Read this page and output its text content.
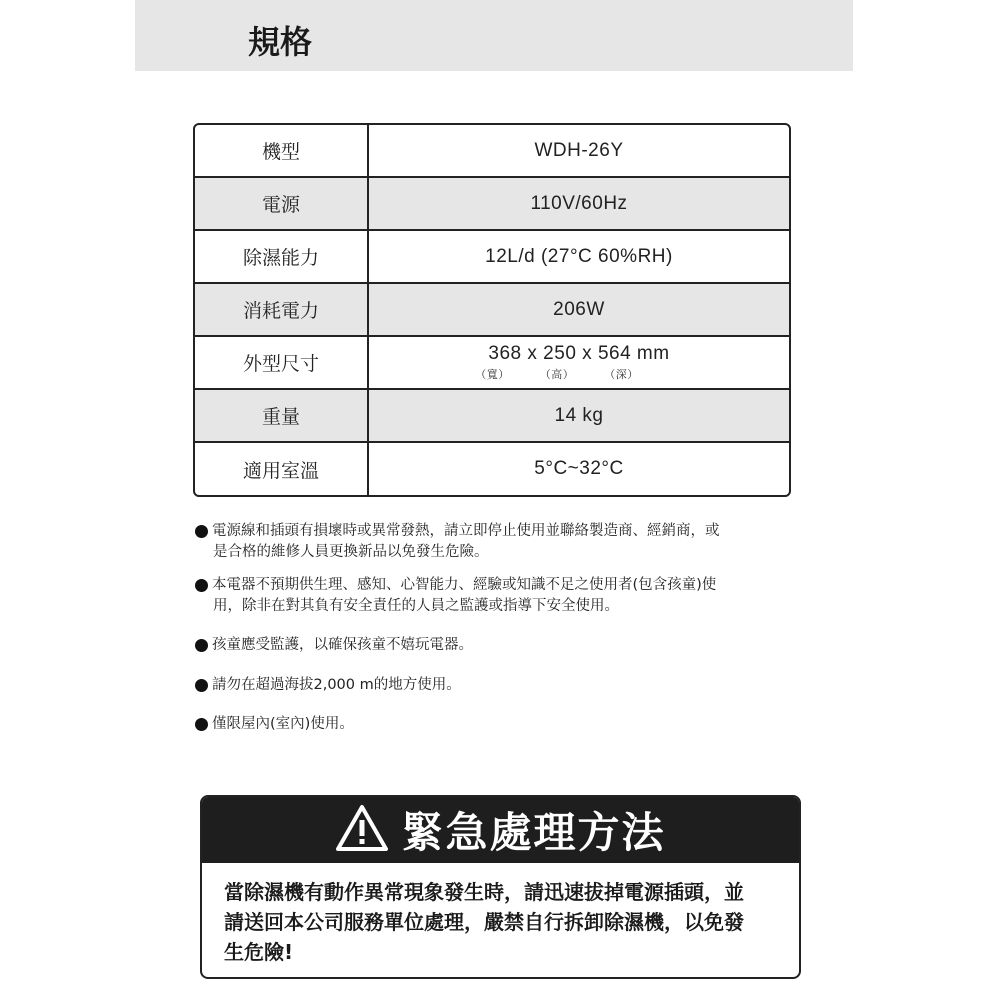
規格
機型	WDH-26Y
電源	110V/60Hz
除濕能力	12L/d (27°C 60%RH)
消耗電力	206W
外型尺寸	368 x 250 x 564 mm
（寬）	（高）	（深）
重量	14 kg
適用室溫	5°C~32°C
電源線和插頭有損壞時或異常發熱，請立即停止使用並聯絡製造商、經銷商，或
是合格的維修人員更換新品以免發生危險。
本電器不預期供生理、感知、心智能力、經驗或知識不足之使用者(包含孩童)使
用，除非在對其負有安全責任的人員之監護或指導下安全使用。
孩童應受監護，以確保孩童不嬉玩電器。
請勿在超過海拔2,000 m的地方使用。
僅限屋內(室內)使用。
緊急處理方法
當除濕機有動作異常現象發生時，請迅速拔掉電源插頭，並
請送回本公司服務單位處理，嚴禁自行拆卸除濕機，以免發
生危險!
